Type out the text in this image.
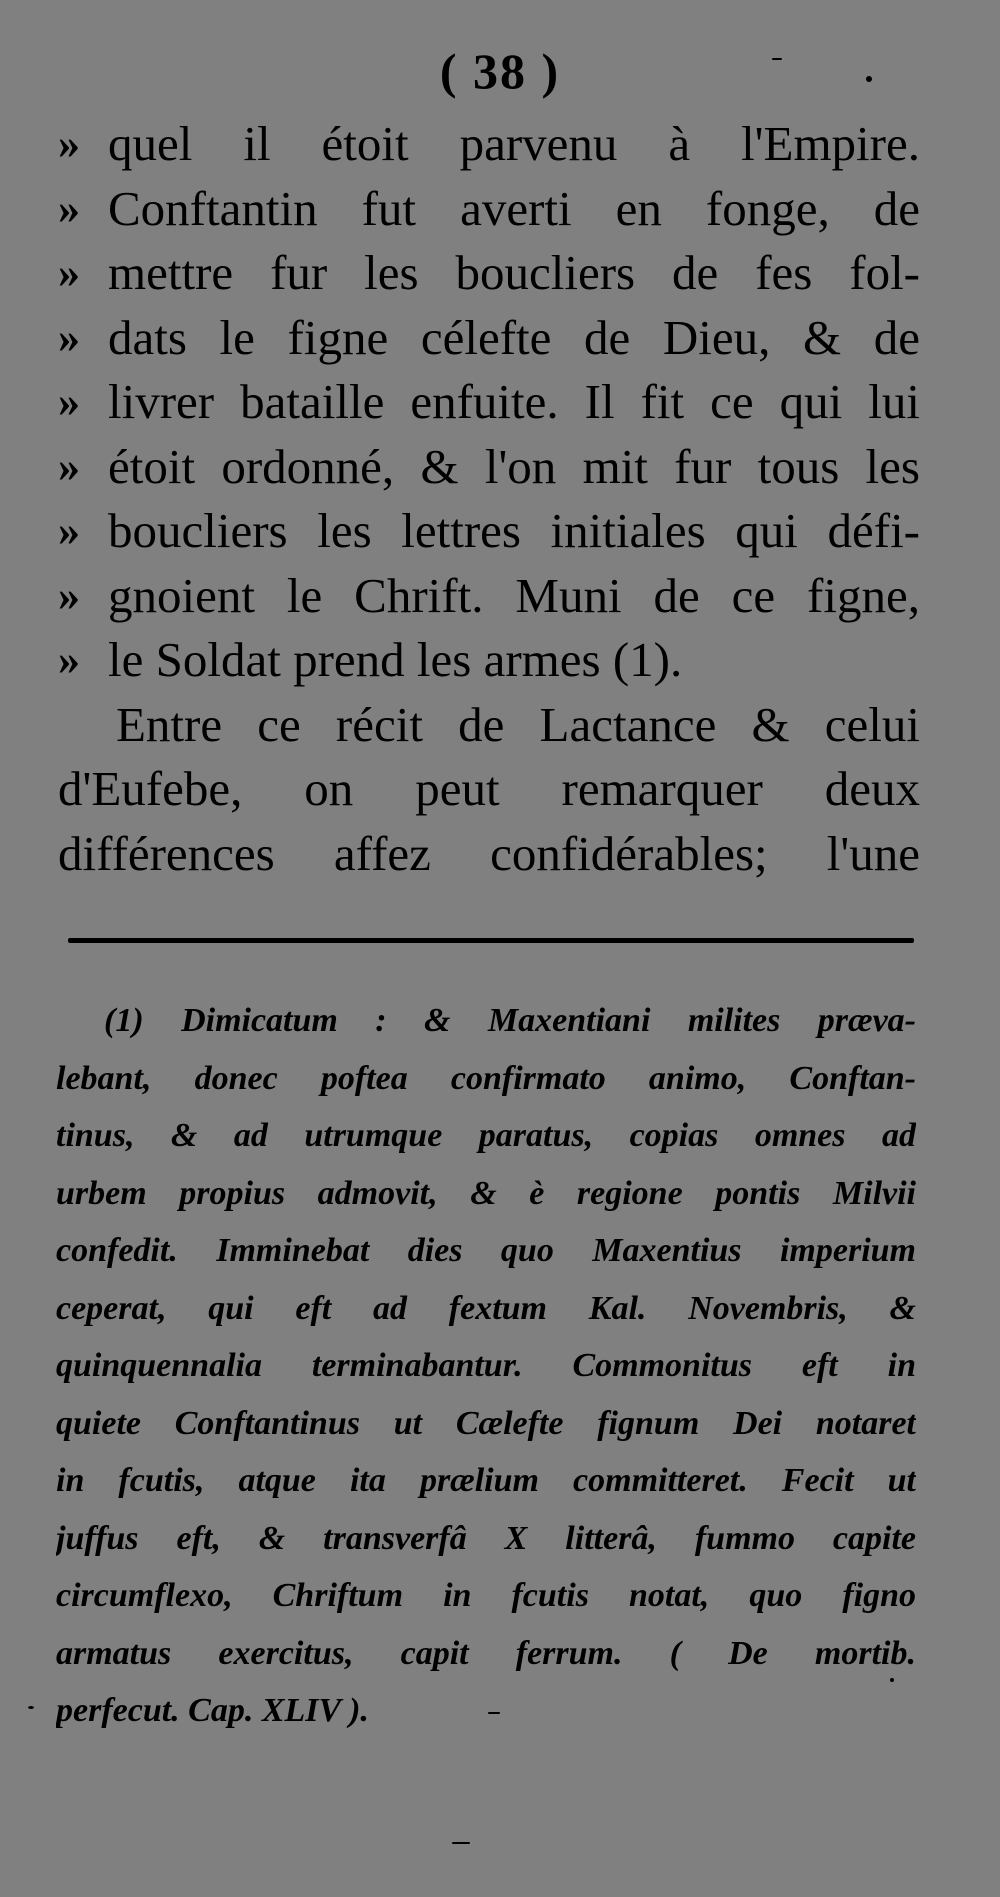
( 38 )
» quel il étoit parvenu à l'Empire.
» Conftantin fut averti en fonge, de
» mettre fur les boucliers de fes fol-
» dats le figne célefte de Dieu, & de
» livrer bataille enfuite. Il fit ce qui lui
» étoit ordonné, & l'on mit fur tous les
» boucliers les lettres initiales qui défi-
» gnoient le Chrift. Muni de ce figne,
» le Soldat prend les armes (1).
Entre ce récit de Lactance & celui
d'Eufebe, on peut remarquer deux
différences affez confidérables; l'une
(1) Dimicatum : & Maxentiani milites præva-
lebant, donec poftea confirmato animo, Conftan-
tinus, & ad utrumque paratus, copias omnes ad
urbem propius admovit, & è regione pontis Milvii
confedit. Imminebat dies quo Maxentius imperium
ceperat, qui eft ad fextum Kal. Novembris, &
quinquennalia terminabantur. Commonitus eft in
quiete Conftantinus ut Cælefte fignum Dei notaret
in fcutis, atque ita prælium committeret. Fecit ut
juffus eft, & transverfâ X litterâ, fummo capite
circumflexo, Chriftum in fcutis notat, quo figno
armatus exercitus, capit ferrum. ( De mortib.
perfecut. Cap. XLIV ).
